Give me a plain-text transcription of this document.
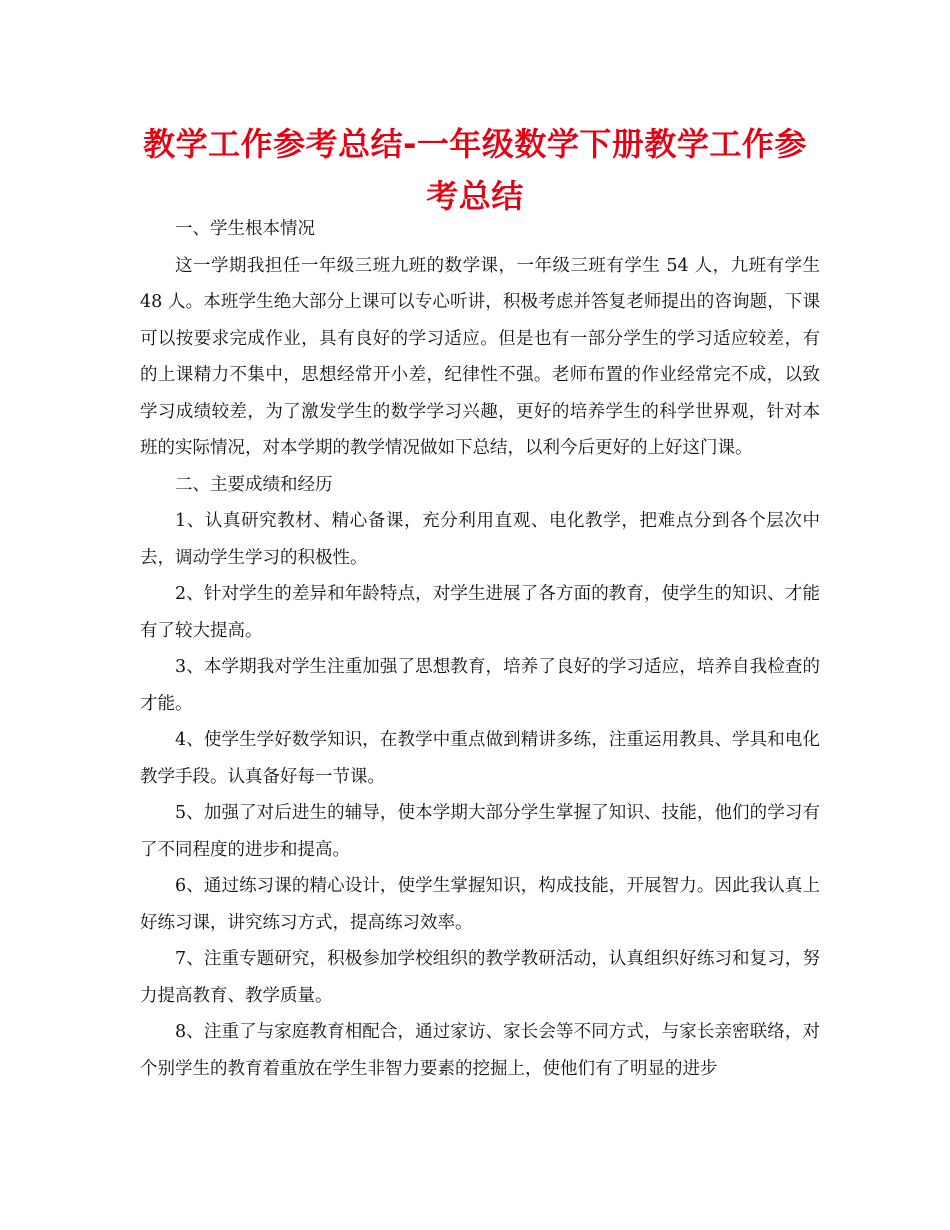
教学工作参考总结-一年级数学下册教学工作参考总结

一、学生根本情况

这一学期我担任一年级三班九班的数学课，一年级三班有学生 54 人，九班有学生 48 人。本班学生绝大部分上课可以专心听讲，积极考虑并答复老师提出的咨询题，下课可以按要求完成作业，具有良好的学习适应。但是也有一部分学生的学习适应较差，有的上课精力不集中，思想经常开小差，纪律性不强。老师布置的作业经常完不成，以致学习成绩较差，为了激发学生的数学学习兴趣，更好的培养学生的科学世界观，针对本班的实际情况，对本学期的教学情况做如下总结，以利今后更好的上好这门课。

二、主要成绩和经历

1、认真研究教材、精心备课，充分利用直观、电化教学，把难点分到各个层次中去，调动学生学习的积极性。

2、针对学生的差异和年龄特点，对学生进展了各方面的教育，使学生的知识、才能有了较大提高。

3、本学期我对学生注重加强了思想教育，培养了良好的学习适应，培养自我检查的才能。

4、使学生学好数学知识，在教学中重点做到精讲多练，注重运用教具、学具和电化教学手段。认真备好每一节课。

5、加强了对后进生的辅导，使本学期大部分学生掌握了知识、技能，他们的学习有了不同程度的进步和提高。

6、通过练习课的精心设计，使学生掌握知识，构成技能，开展智力。因此我认真上好练习课，讲究练习方式，提高练习效率。

7、注重专题研究，积极参加学校组织的教学教研活动，认真组织好练习和复习，努力提高教育、教学质量。

8、注重了与家庭教育相配合，通过家访、家长会等不同方式，与家长亲密联络，对个别学生的教育着重放在学生非智力要素的挖掘上，使他们有了明显的进步
